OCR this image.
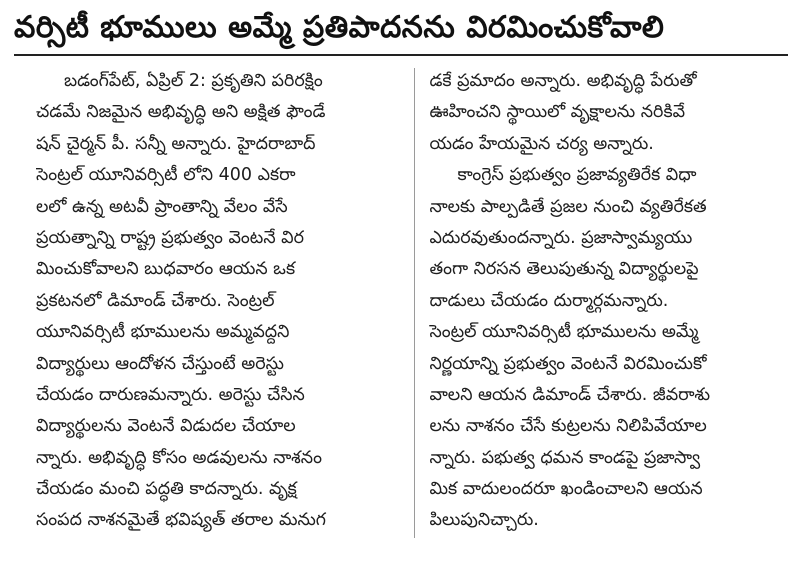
వర్సిటీ భూములు అమ్మే ప్రతిపాదనను విరమించుకోవాలి
బడంగ్‌పేట్, ఏప్రిల్ 2: ప్రకృతిని పరిరక్షిం
చడమే నిజమైన అభివృద్ధి అని అక్షిత ఫౌండే
షన్ చైర్మన్ పీ. సన్నీ అన్నారు. హైదరాబాద్
సెంట్రల్ యూనివర్సిటీ లోని 400 ఎకరా
లలో ఉన్న అటవీ ప్రాంతాన్ని వేలం వేసే
ప్రయత్నాన్ని రాష్ట్ర ప్రభుత్వం వెంటనే విర
మించుకోవాలని బుధవారం ఆయన ఒక
ప్రకటనలో డిమాండ్ చేశారు. సెంట్రల్
యూనివర్సిటీ భూములను అమ్మవద్దని
విద్యార్థులు ఆందోళన చేస్తుంటే అరెస్టు
చేయడం దారుణమన్నారు. అరెస్టు చేసిన
విద్యార్థులను వెంటనే విడుదల చేయాల
న్నారు. అభివృద్ధి కోసం అడవులను నాశనం
చేయడం మంచి పద్ధతి కాదన్నారు. వృక్ష
సంపద నాశనమైతే భవిష్యత్ తరాల మనుగ
డకే ప్రమాదం అన్నారు. అభివృద్ధి పేరుతో
ఊహించని స్థాయిలో వృక్షాలను నరికివే
యడం హేయమైన చర్య అన్నారు.
కాంగ్రెస్ ప్రభుత్వం ప్రజావ్యతిరేక విధా
నాలకు పాల్పడితే ప్రజల నుంచి వ్యతిరేకత
ఎదురవుతుందన్నారు. ప్రజాస్వామ్యయు
తంగా నిరసన తెలుపుతున్న విద్యార్థులపై
దాడులు చేయడం దుర్మార్గమన్నారు.
సెంట్రల్ యూనివర్సిటీ భూములను అమ్మే
నిర్ణయాన్ని ప్రభుత్వం వెంటనే విరమించుకో
వాలని ఆయన డిమాండ్ చేశారు. జీవరాశు
లను నాశనం చేసే కుట్రలను నిలిపివేయాల
న్నారు. పభుత్వ ధమన కాండపై ప్రజాస్వా
మిక వాదులందరూ ఖండించాలని ఆయన
పిలుపునిచ్చారు.
